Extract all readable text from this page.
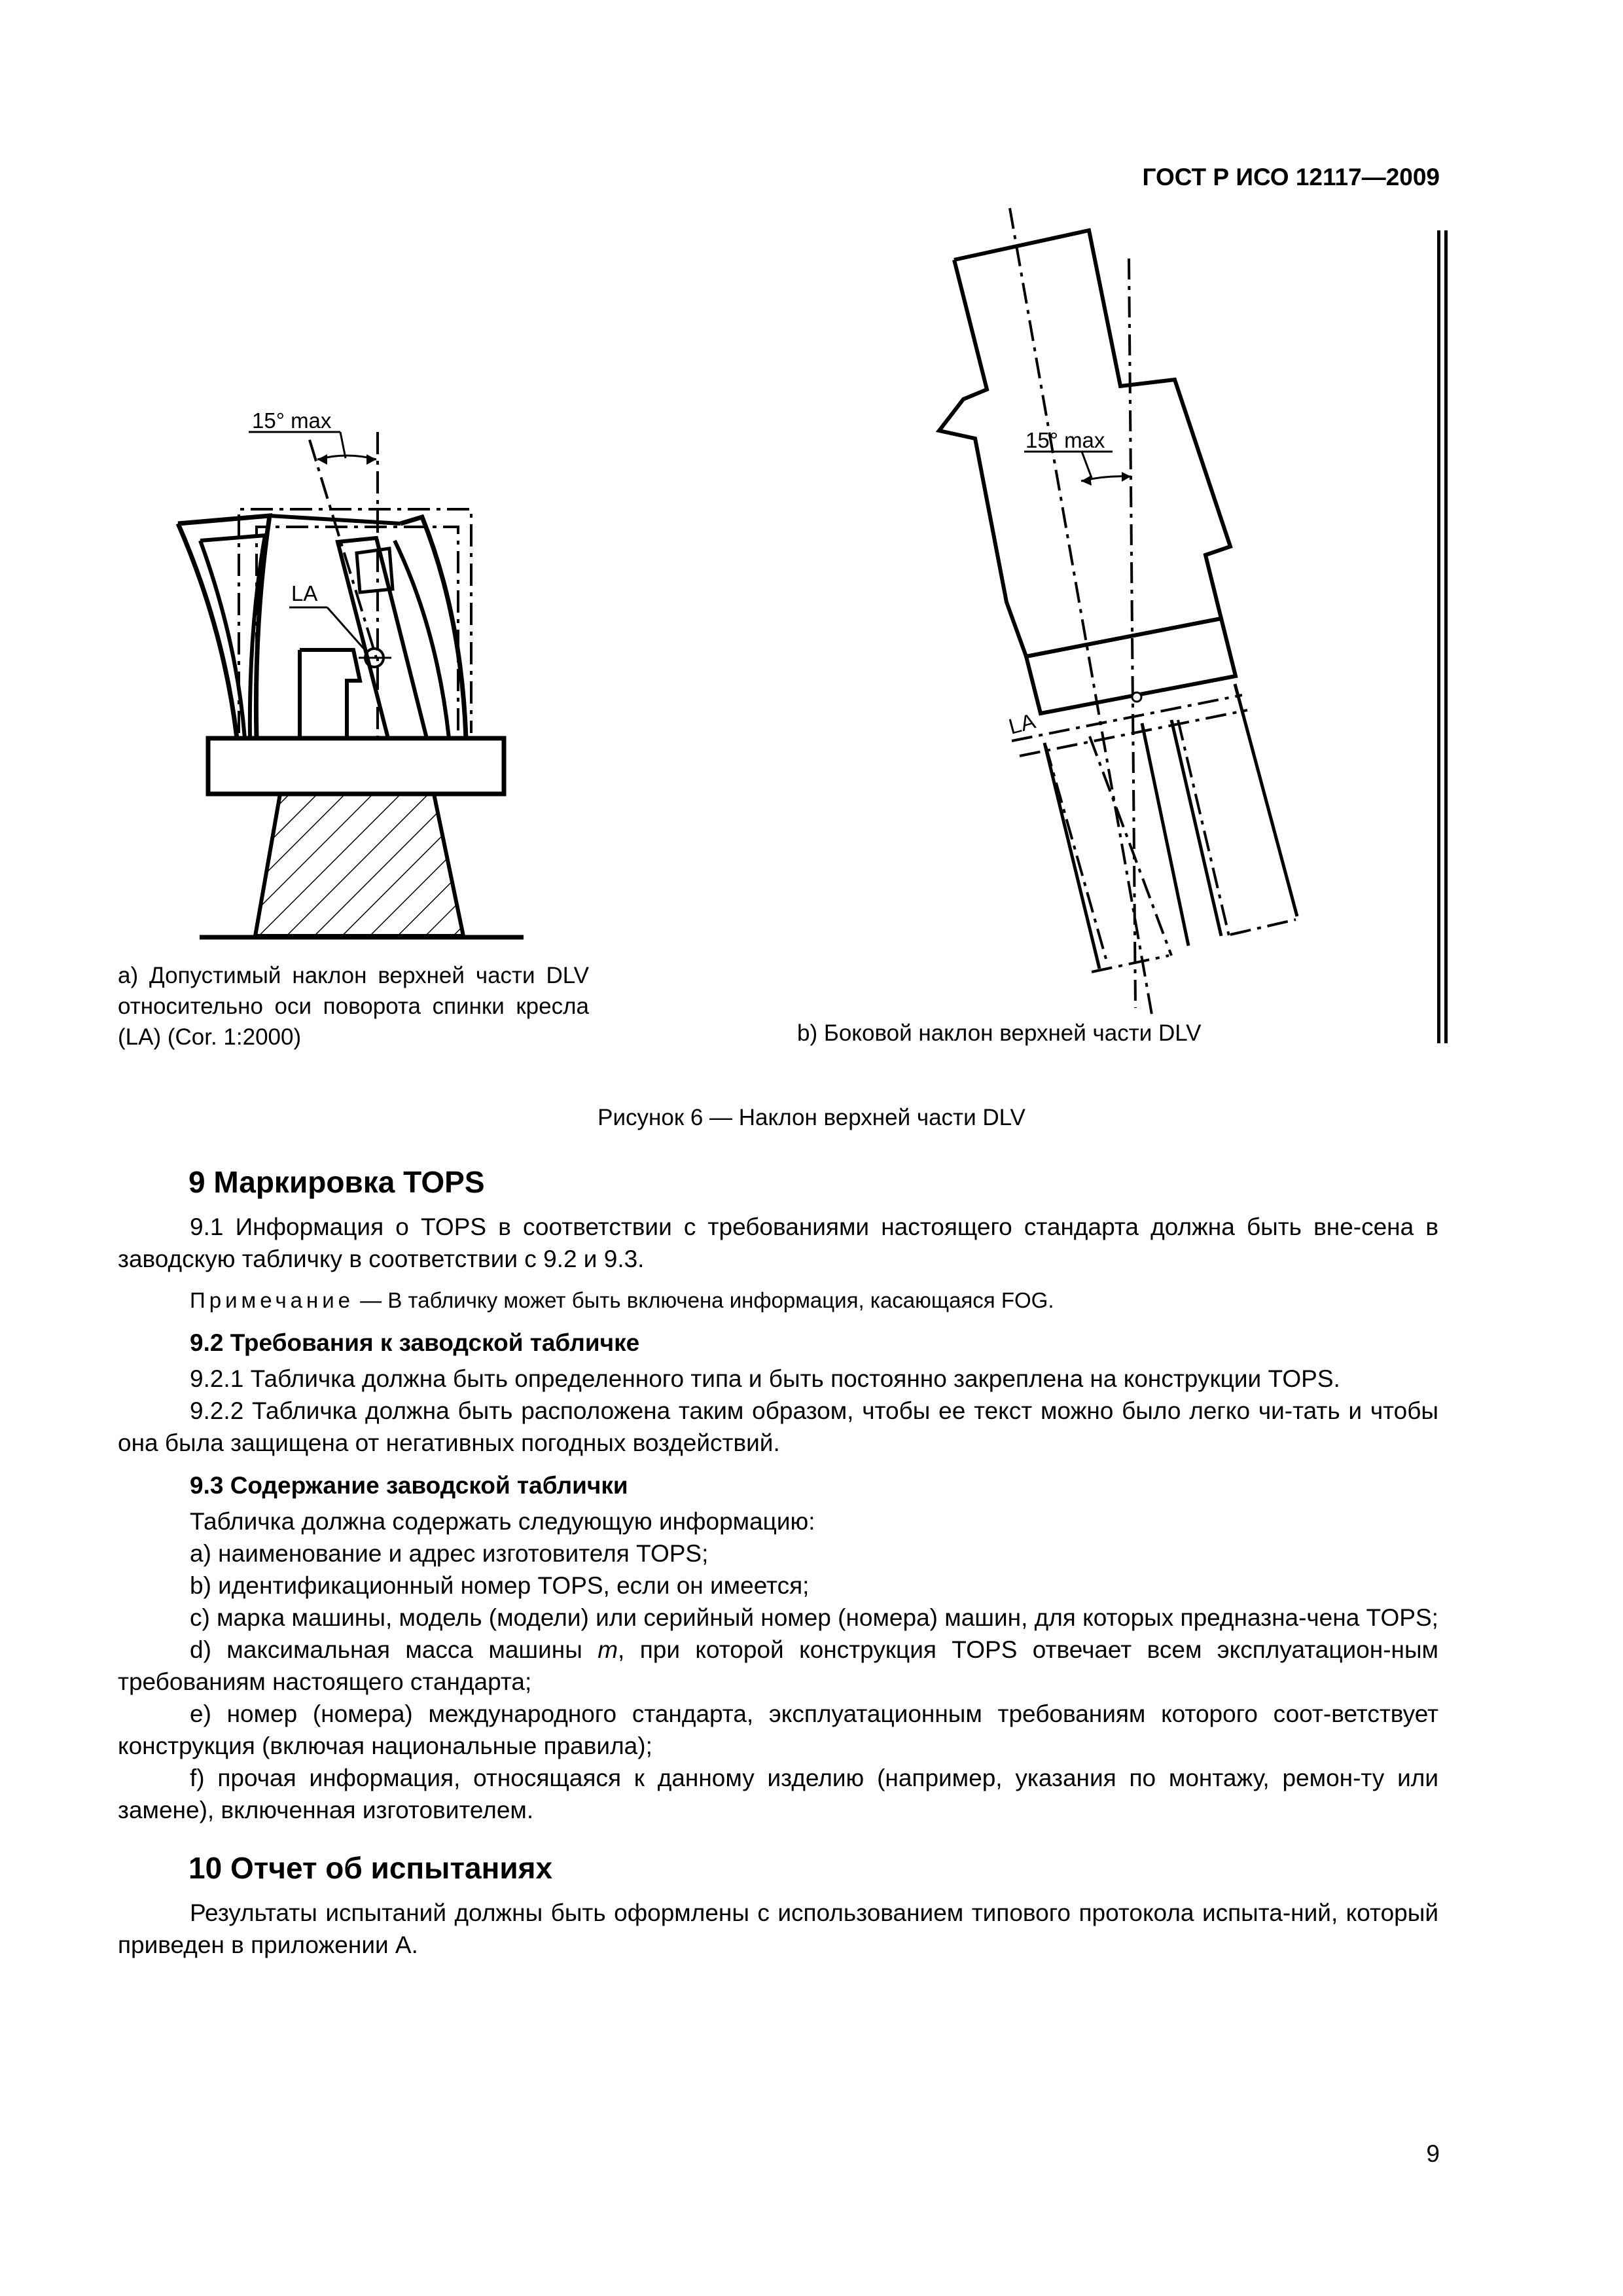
ГОСТ Р ИСО 12117—2009
15° max
LA
15° max
LA
а) Допустимый наклон верхней части DLV относительно оси поворота спинки кресла (LA) (Cor. 1:2000)	b) Боковой наклон верхней части DLV
Рисунок 6 — Наклон верхней части DLV
9 Маркировка TOPS

9.1 Информация о TOPS в соответствии с требованиями настоящего стандарта должна быть вне-сена в заводскую табличку в соответствии с 9.2 и 9.3.

Примечание — В табличку может быть включена информация, касающаяся FOG.

9.2 Требования к заводской табличке

9.2.1 Табличка должна быть определенного типа и быть постоянно закреплена на конструкции TOPS.

9.2.2 Табличка должна быть расположена таким образом, чтобы ее текст можно было легко чи-тать и чтобы она была защищена от негативных погодных воздействий.

9.3 Содержание заводской таблички

Табличка должна содержать следующую информацию:

а) наименование и адрес изготовителя TOPS;

b) идентификационный номер TOPS, если он имеется;

с) марка машины, модель (модели) или серийный номер (номера) машин, для которых предназна-чена TOPS;

d) максимальная масса машины m, при которой конструкция TOPS отвечает всем эксплуатацион-ным требованиям настоящего стандарта;

е) номер (номера) международного стандарта, эксплуатационным требованиям которого соот-ветствует конструкция (включая национальные правила);

f) прочая информация, относящаяся к данному изделию (например, указания по монтажу, ремон-ту или замене), включенная изготовителем.

10 Отчет об испытаниях

Результаты испытаний должны быть оформлены с использованием типового протокола испыта-ний, который приведен в приложении А.

9
